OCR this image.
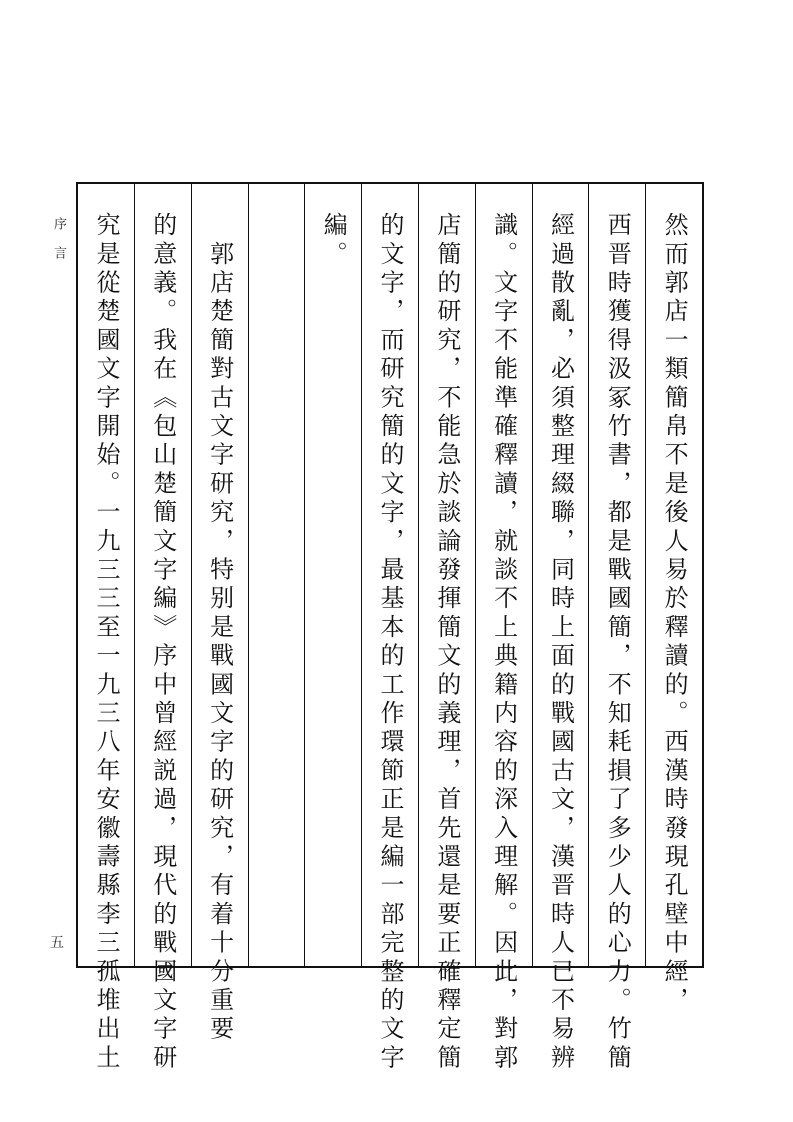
序言
五	然而郭店一類簡帛不是後人易於釋讀的。西漢時發現孔壁中經，
西晋時獲得汲冢竹書，都是戰國簡，不知耗損了多少人的心力。竹簡
經過散亂，必須整理綴聯，同時上面的戰國古文，漢晋時人已不易辨
識。文字不能準確釋讀，就談不上典籍内容的深入理解。因此，對郭
店簡的研究，不能急於談論發揮簡文的義理，首先還是要正確釋定簡
的文字，而研究簡的文字，最基本的工作環節正是編一部完整的文字
編。
　郭店楚簡對古文字研究，特别是戰國文字的研究，有着十分重要
的意義。我在《包山楚簡文字編》序中曾經説過，現代的戰國文字研
究是從楚國文字開始。一九三三至一九三八年安徽壽縣李三孤堆出土
